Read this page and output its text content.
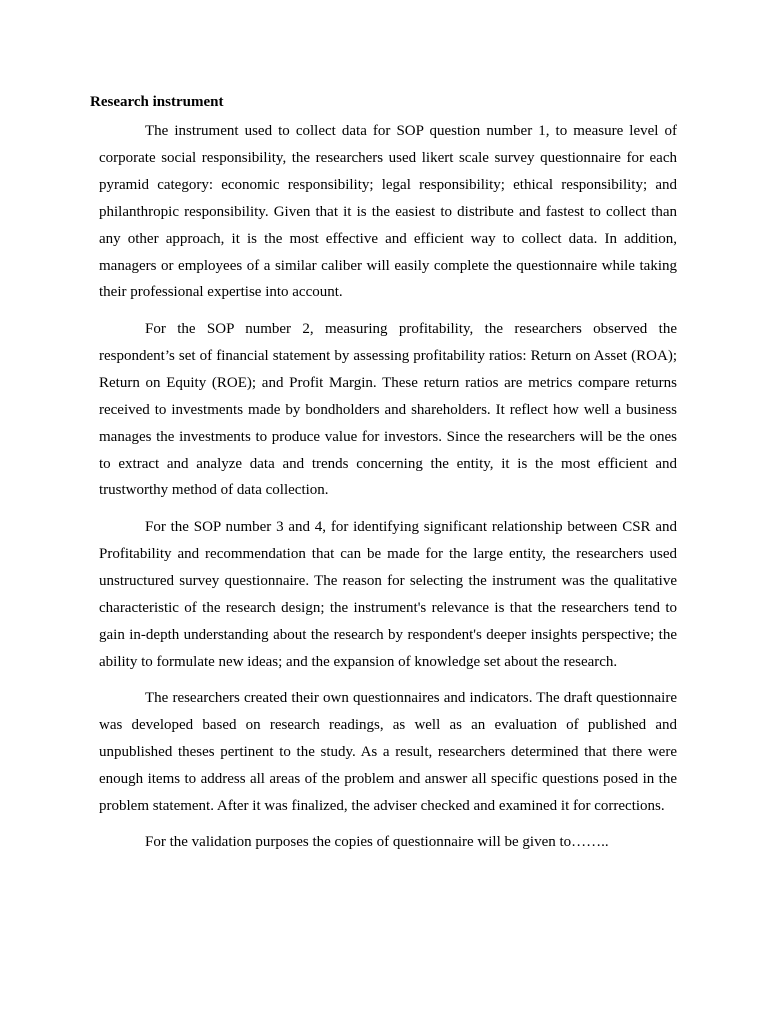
Research instrument

The instrument used to collect data for SOP question number 1, to measure level of corporate social responsibility, the researchers used likert scale survey questionnaire for each pyramid category: economic responsibility; legal responsibility; ethical responsibility; and philanthropic responsibility. Given that it is the easiest to distribute and fastest to collect than any other approach, it is the most effective and efficient way to collect data. In addition, managers or employees of a similar caliber will easily complete the questionnaire while taking their professional expertise into account.

For the SOP number 2, measuring profitability, the researchers observed the respondent’s set of financial statement by assessing profitability ratios: Return on Asset (ROA); Return on Equity (ROE); and Profit Margin. These return ratios are metrics compare returns received to investments made by bondholders and shareholders. It reflect how well a business manages the investments to produce value for investors. Since the researchers will be the ones to extract and analyze data and trends concerning the entity, it is the most efficient and trustworthy method of data collection.

For the SOP number 3 and 4, for identifying significant relationship between CSR and Profitability and recommendation that can be made for the large entity, the researchers used unstructured survey questionnaire. The reason for selecting the instrument was the qualitative characteristic of the research design; the instrument's relevance is that the researchers tend to gain in-depth understanding about the research by respondent's deeper insights perspective; the ability to formulate new ideas; and the expansion of knowledge set about the research.

The researchers created their own questionnaires and indicators. The draft questionnaire was developed based on research readings, as well as an evaluation of published and unpublished theses pertinent to the study. As a result, researchers determined that there were enough items to address all areas of the problem and answer all specific questions posed in the problem statement. After it was finalized, the adviser checked and examined it for corrections.

For the validation purposes the copies of questionnaire will be given to……..
